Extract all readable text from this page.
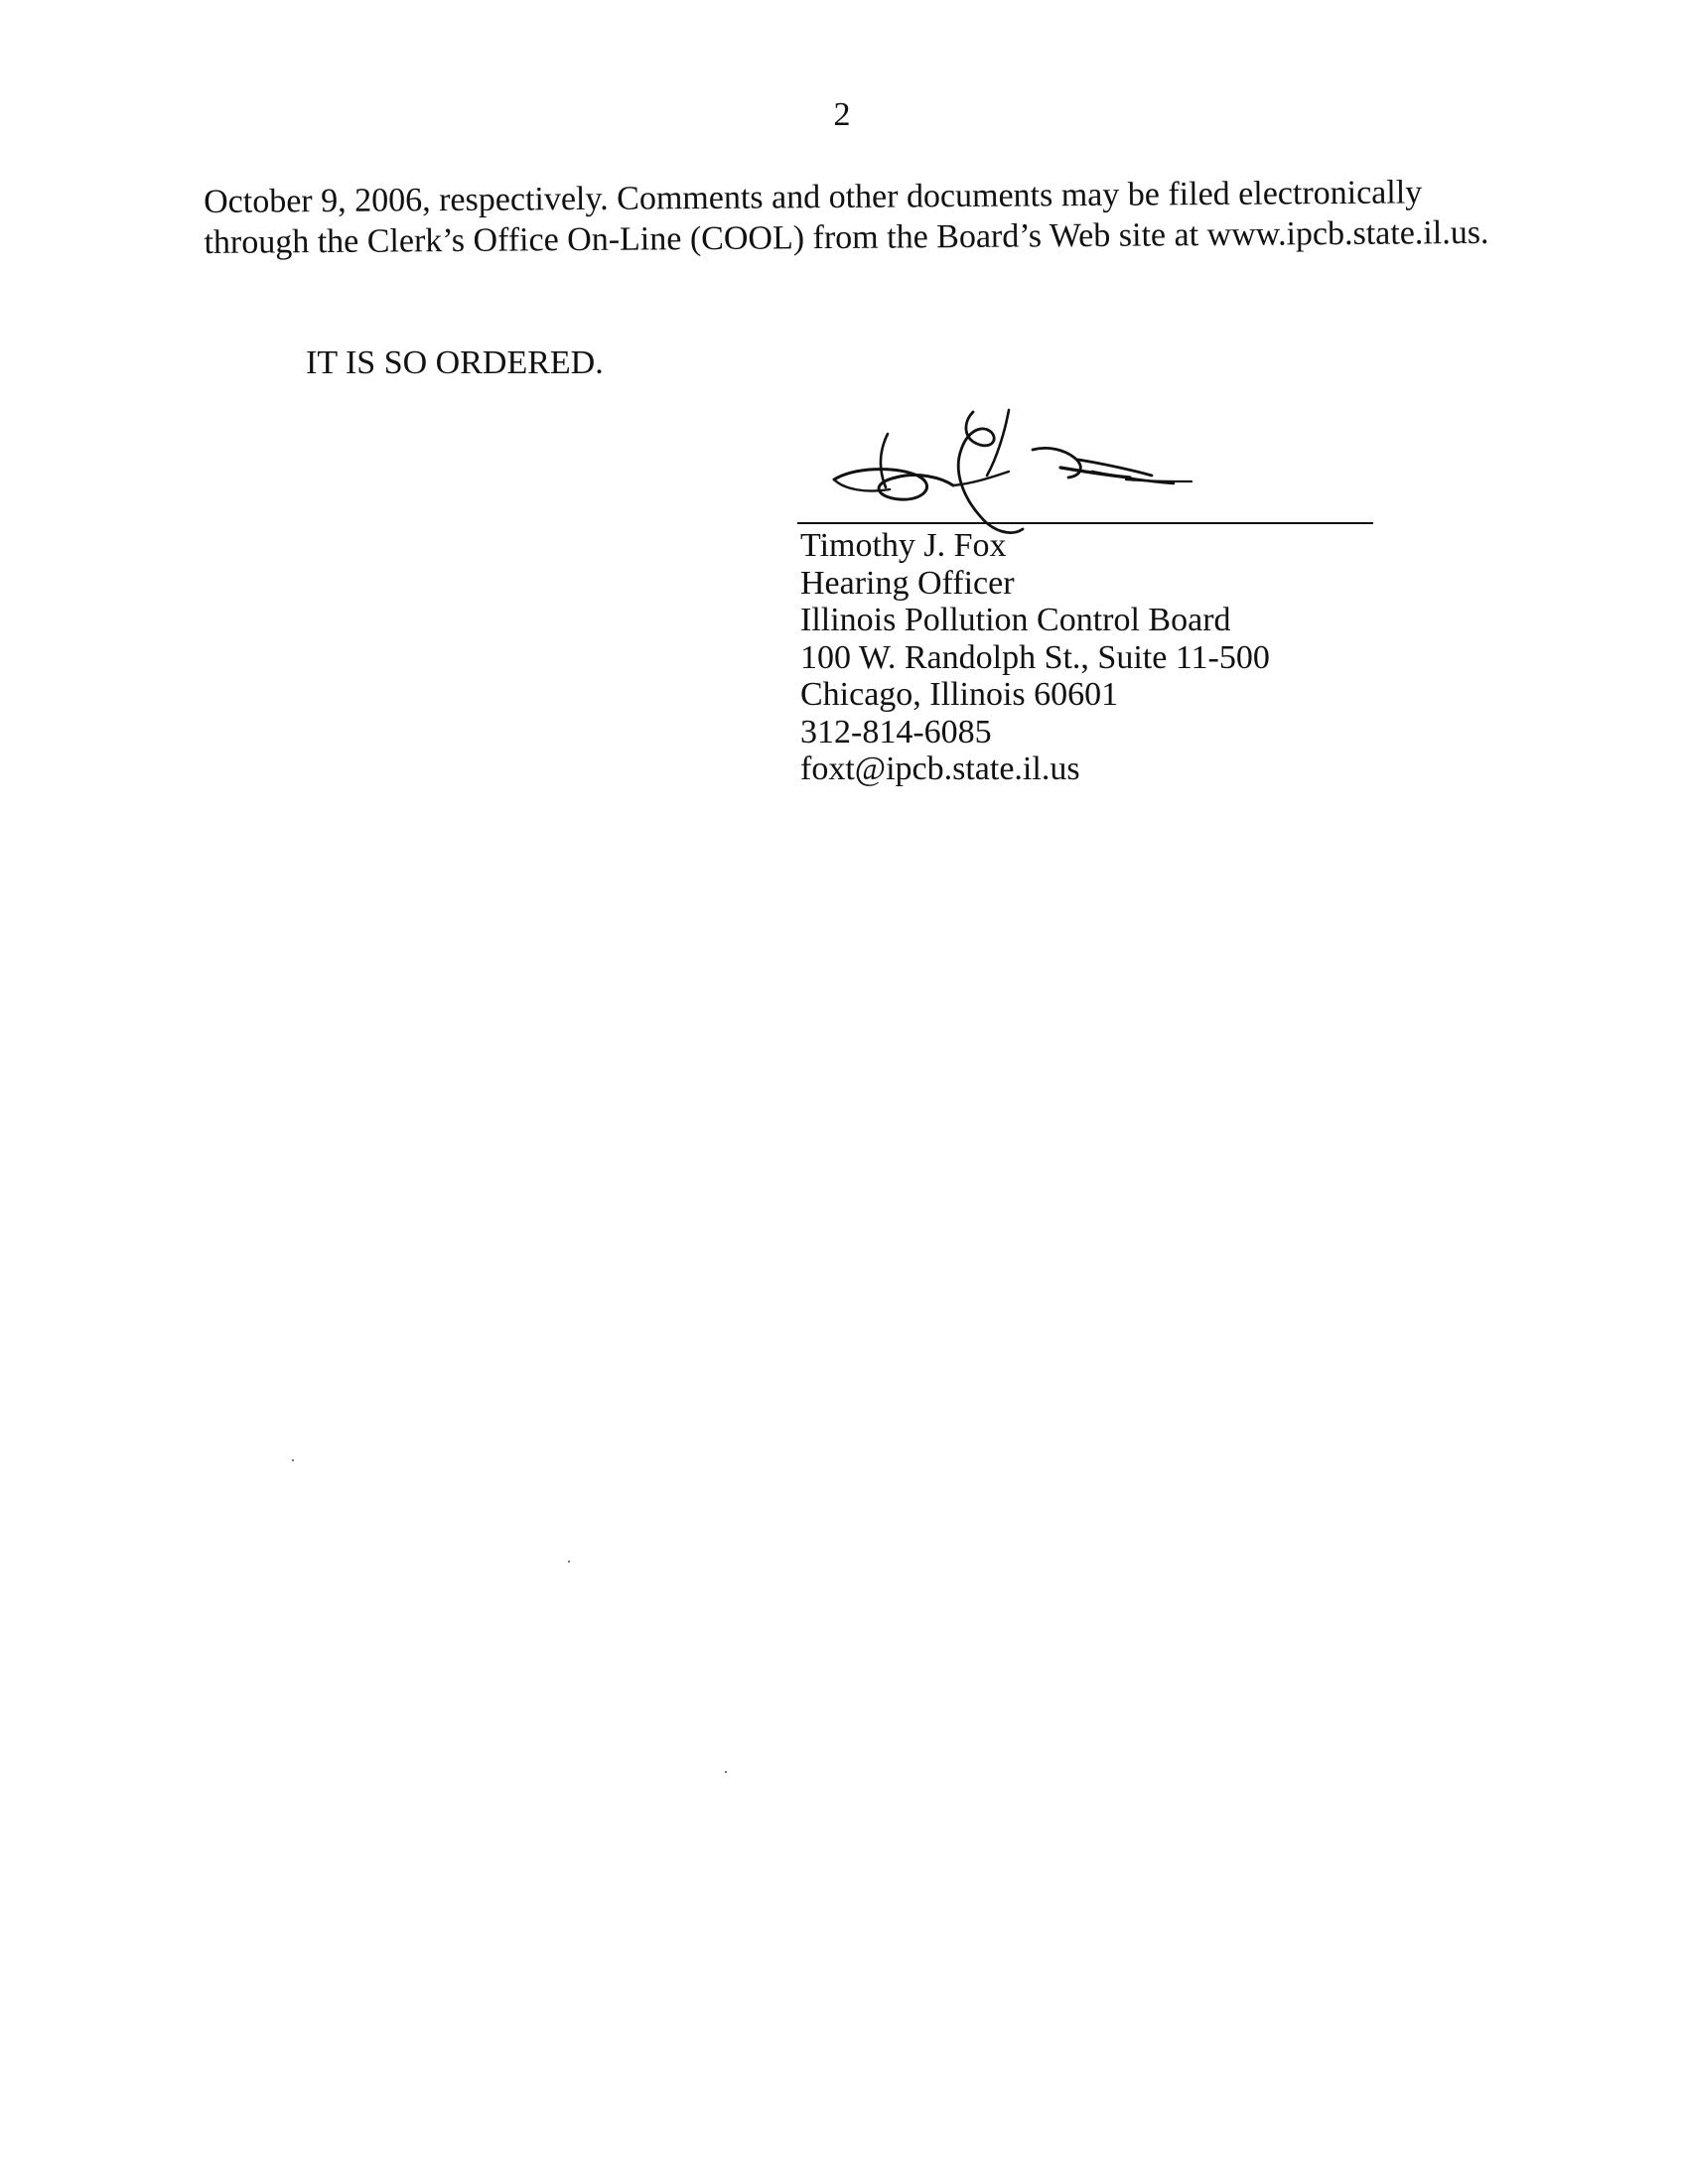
2
October 9, 2006, respectively. Comments and other documents may be filed electronically
through the Clerk’s Office On-Line (COOL) from the Board’s Web site at www.ipcb.state.il.us.
IT IS SO ORDERED.
Timothy J. Fox
Hearing Officer
Illinois Pollution Control Board
100 W. Randolph St., Suite 11-500
Chicago, Illinois 60601
312-814-6085
foxt@ipcb.state.il.us
